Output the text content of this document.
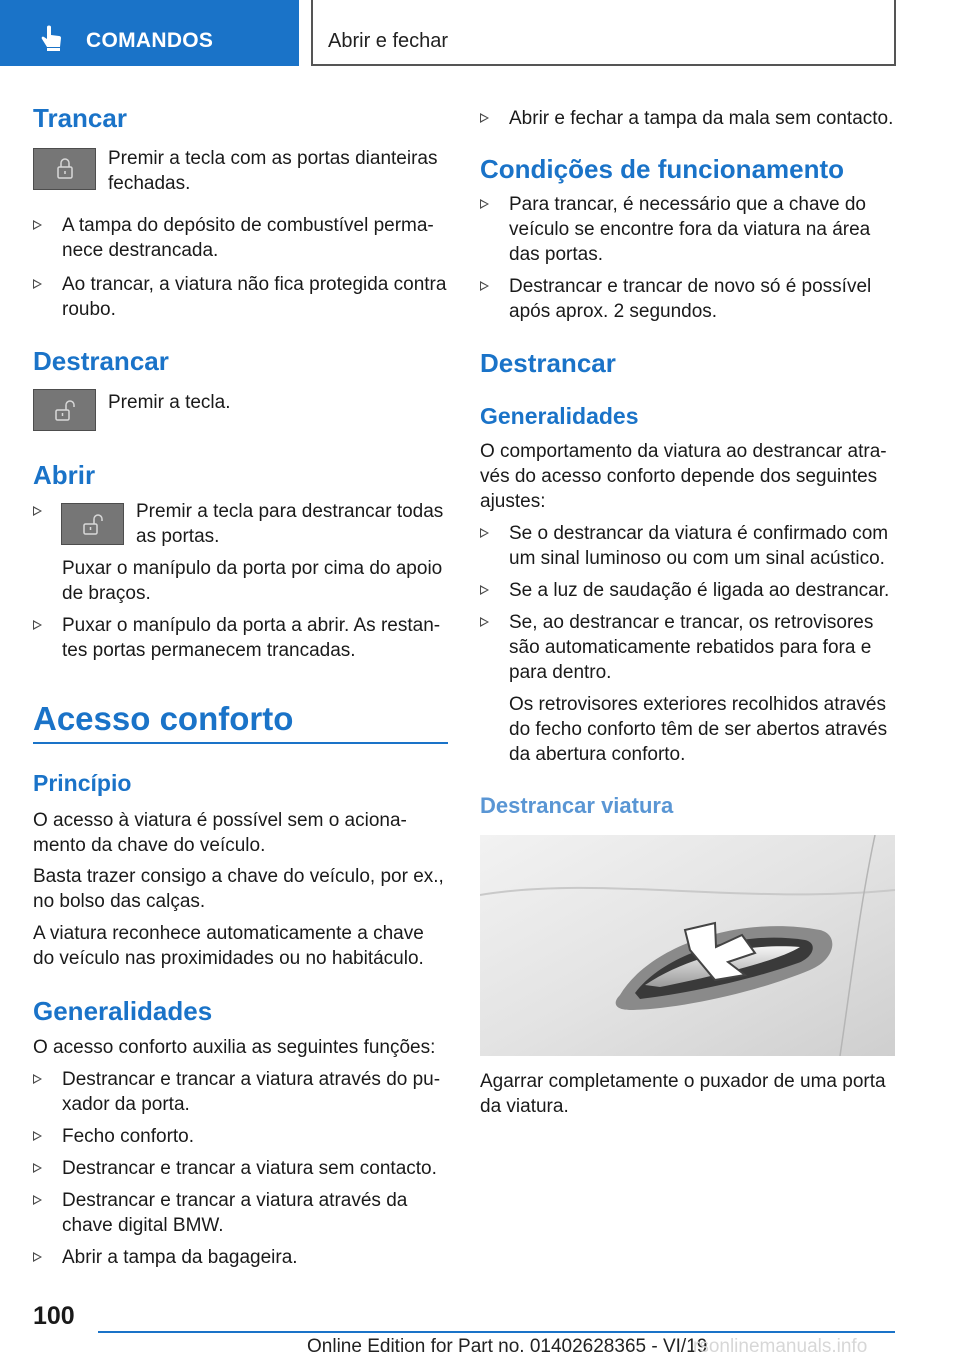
COMANDOS	Abrir e fechar
Trancar
Premir a tecla com as portas dianteiras
fechadas.
A tampa do depósito de combustível perma-
nece destrancada.
Ao trancar, a viatura não fica protegida contra
roubo.
Destrancar
Premir a tecla.
Abrir
Premir a tecla para destrancar todas
as portas.
Puxar o manípulo da porta por cima do apoio
de braços.
Puxar o manípulo da porta a abrir. As restan-
tes portas permanecem trancadas.
Acesso conforto
Princípio
O acesso à viatura é possível sem o aciona-
mento da chave do veículo.
Basta trazer consigo a chave do veículo, por ex.,
no bolso das calças.
A viatura reconhece automaticamente a chave
do veículo nas proximidades ou no habitáculo.
Generalidades
O acesso conforto auxilia as seguintes funções:
Destrancar e trancar a viatura através do pu-
xador da porta.
Fecho conforto.
Destrancar e trancar a viatura sem contacto.
Destrancar e trancar a viatura através da
chave digital BMW.
Abrir a tampa da bagageira.
Abrir e fechar a tampa da mala sem contacto.
Condições de funcionamento
Para trancar, é necessário que a chave do
veículo se encontre fora da viatura na área
das portas.
Destrancar e trancar de novo só é possível
após aprox. 2 segundos.
Destrancar
Generalidades
O comportamento da viatura ao destrancar atra-
vés do acesso conforto depende dos seguintes
ajustes:
Se o destrancar da viatura é confirmado com
um sinal luminoso ou com um sinal acústico.
Se a luz de saudação é ligada ao destrancar.
Se, ao destrancar e trancar, os retrovisores
são automaticamente rebatidos para fora e
para dentro.
Os retrovisores exteriores recolhidos através
do fecho conforto têm de ser abertos através
da abertura conforto.
Destrancar viatura
Agarrar completamente o puxador de uma porta
da viatura.
100
Online Edition for Part no. 01402628365 - VI/19
rsonlinemanuals.info
